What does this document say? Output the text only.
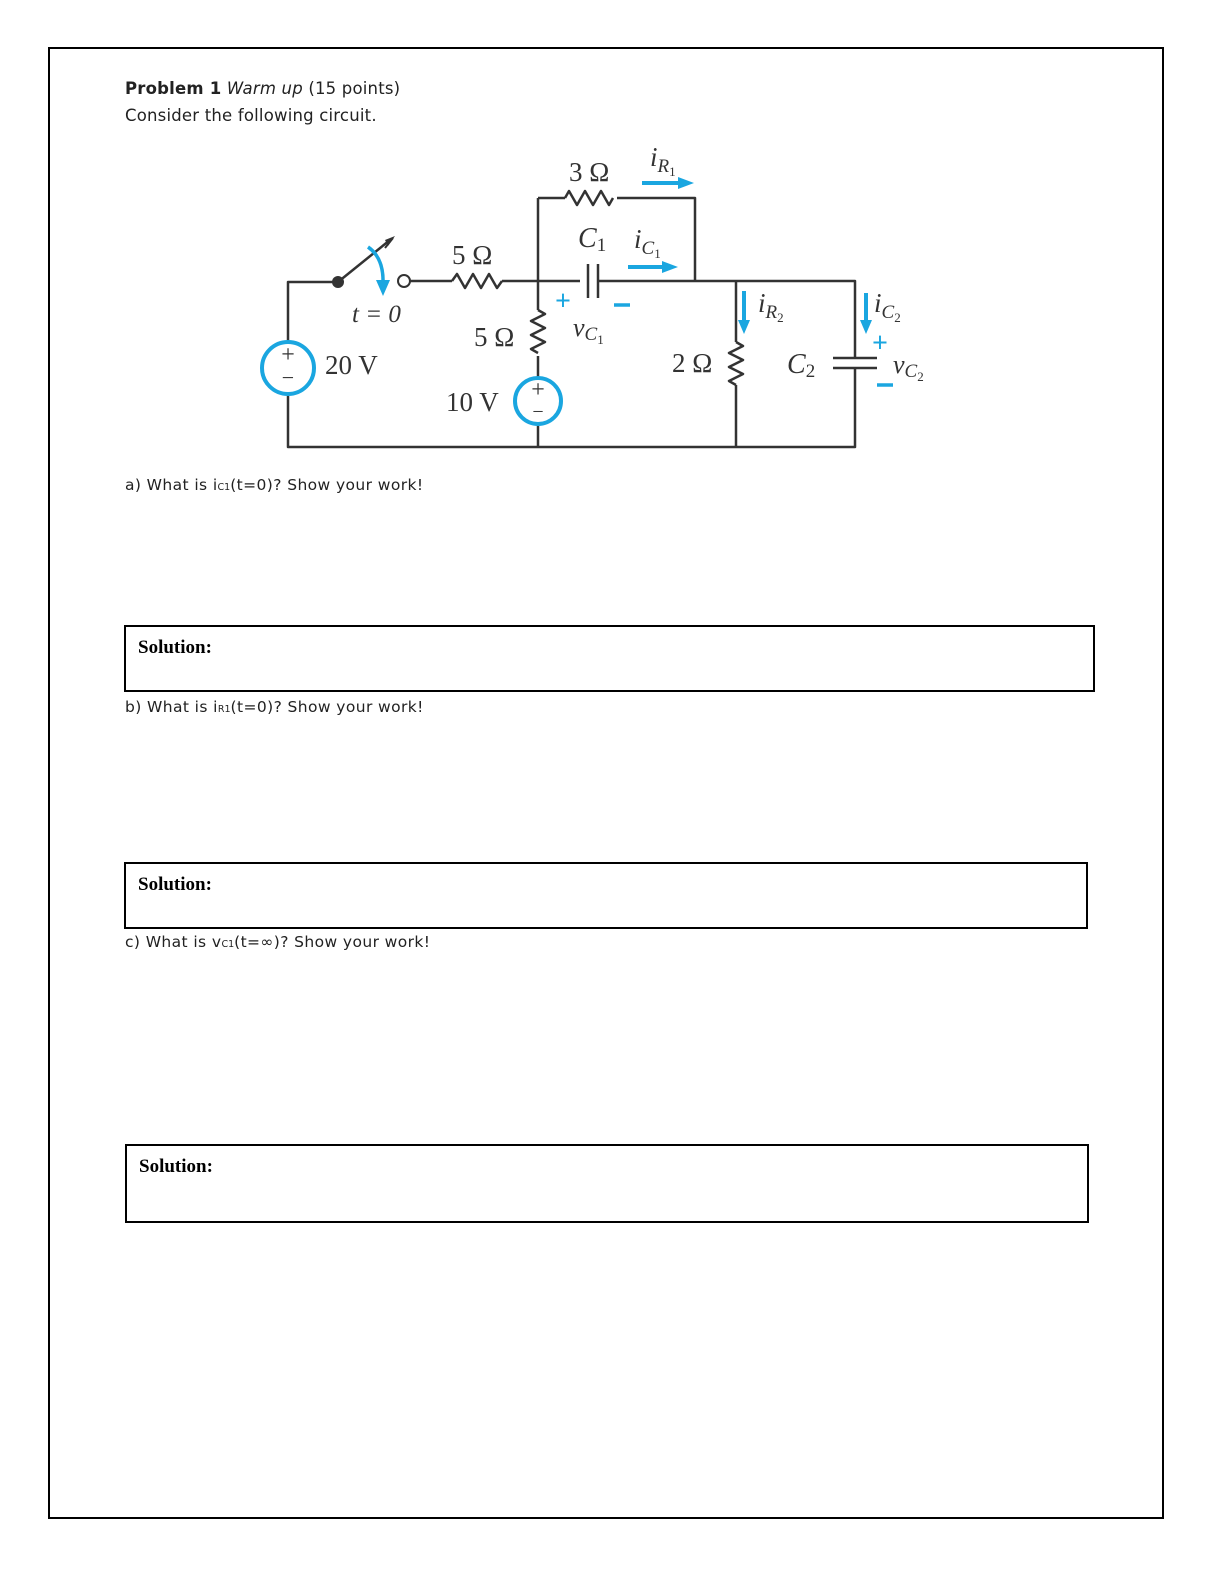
Problem 1 Warm up (15 points)
Consider the following circuit.
+
−	+
−
t = 0
20 V
5 Ω
5 Ω
10 V
3 Ω
2 Ω
C1
C2
$i_R1$
$i_C1$
+
vC1
$i_R2$	$i_C2$
+
vC2
a) What is iC1(t=0)? Show your work!
Solution:
b) What is iR1(t=0)? Show your work!
Solution:
c) What is vC1(t=∞)? Show your work!
Solution:
